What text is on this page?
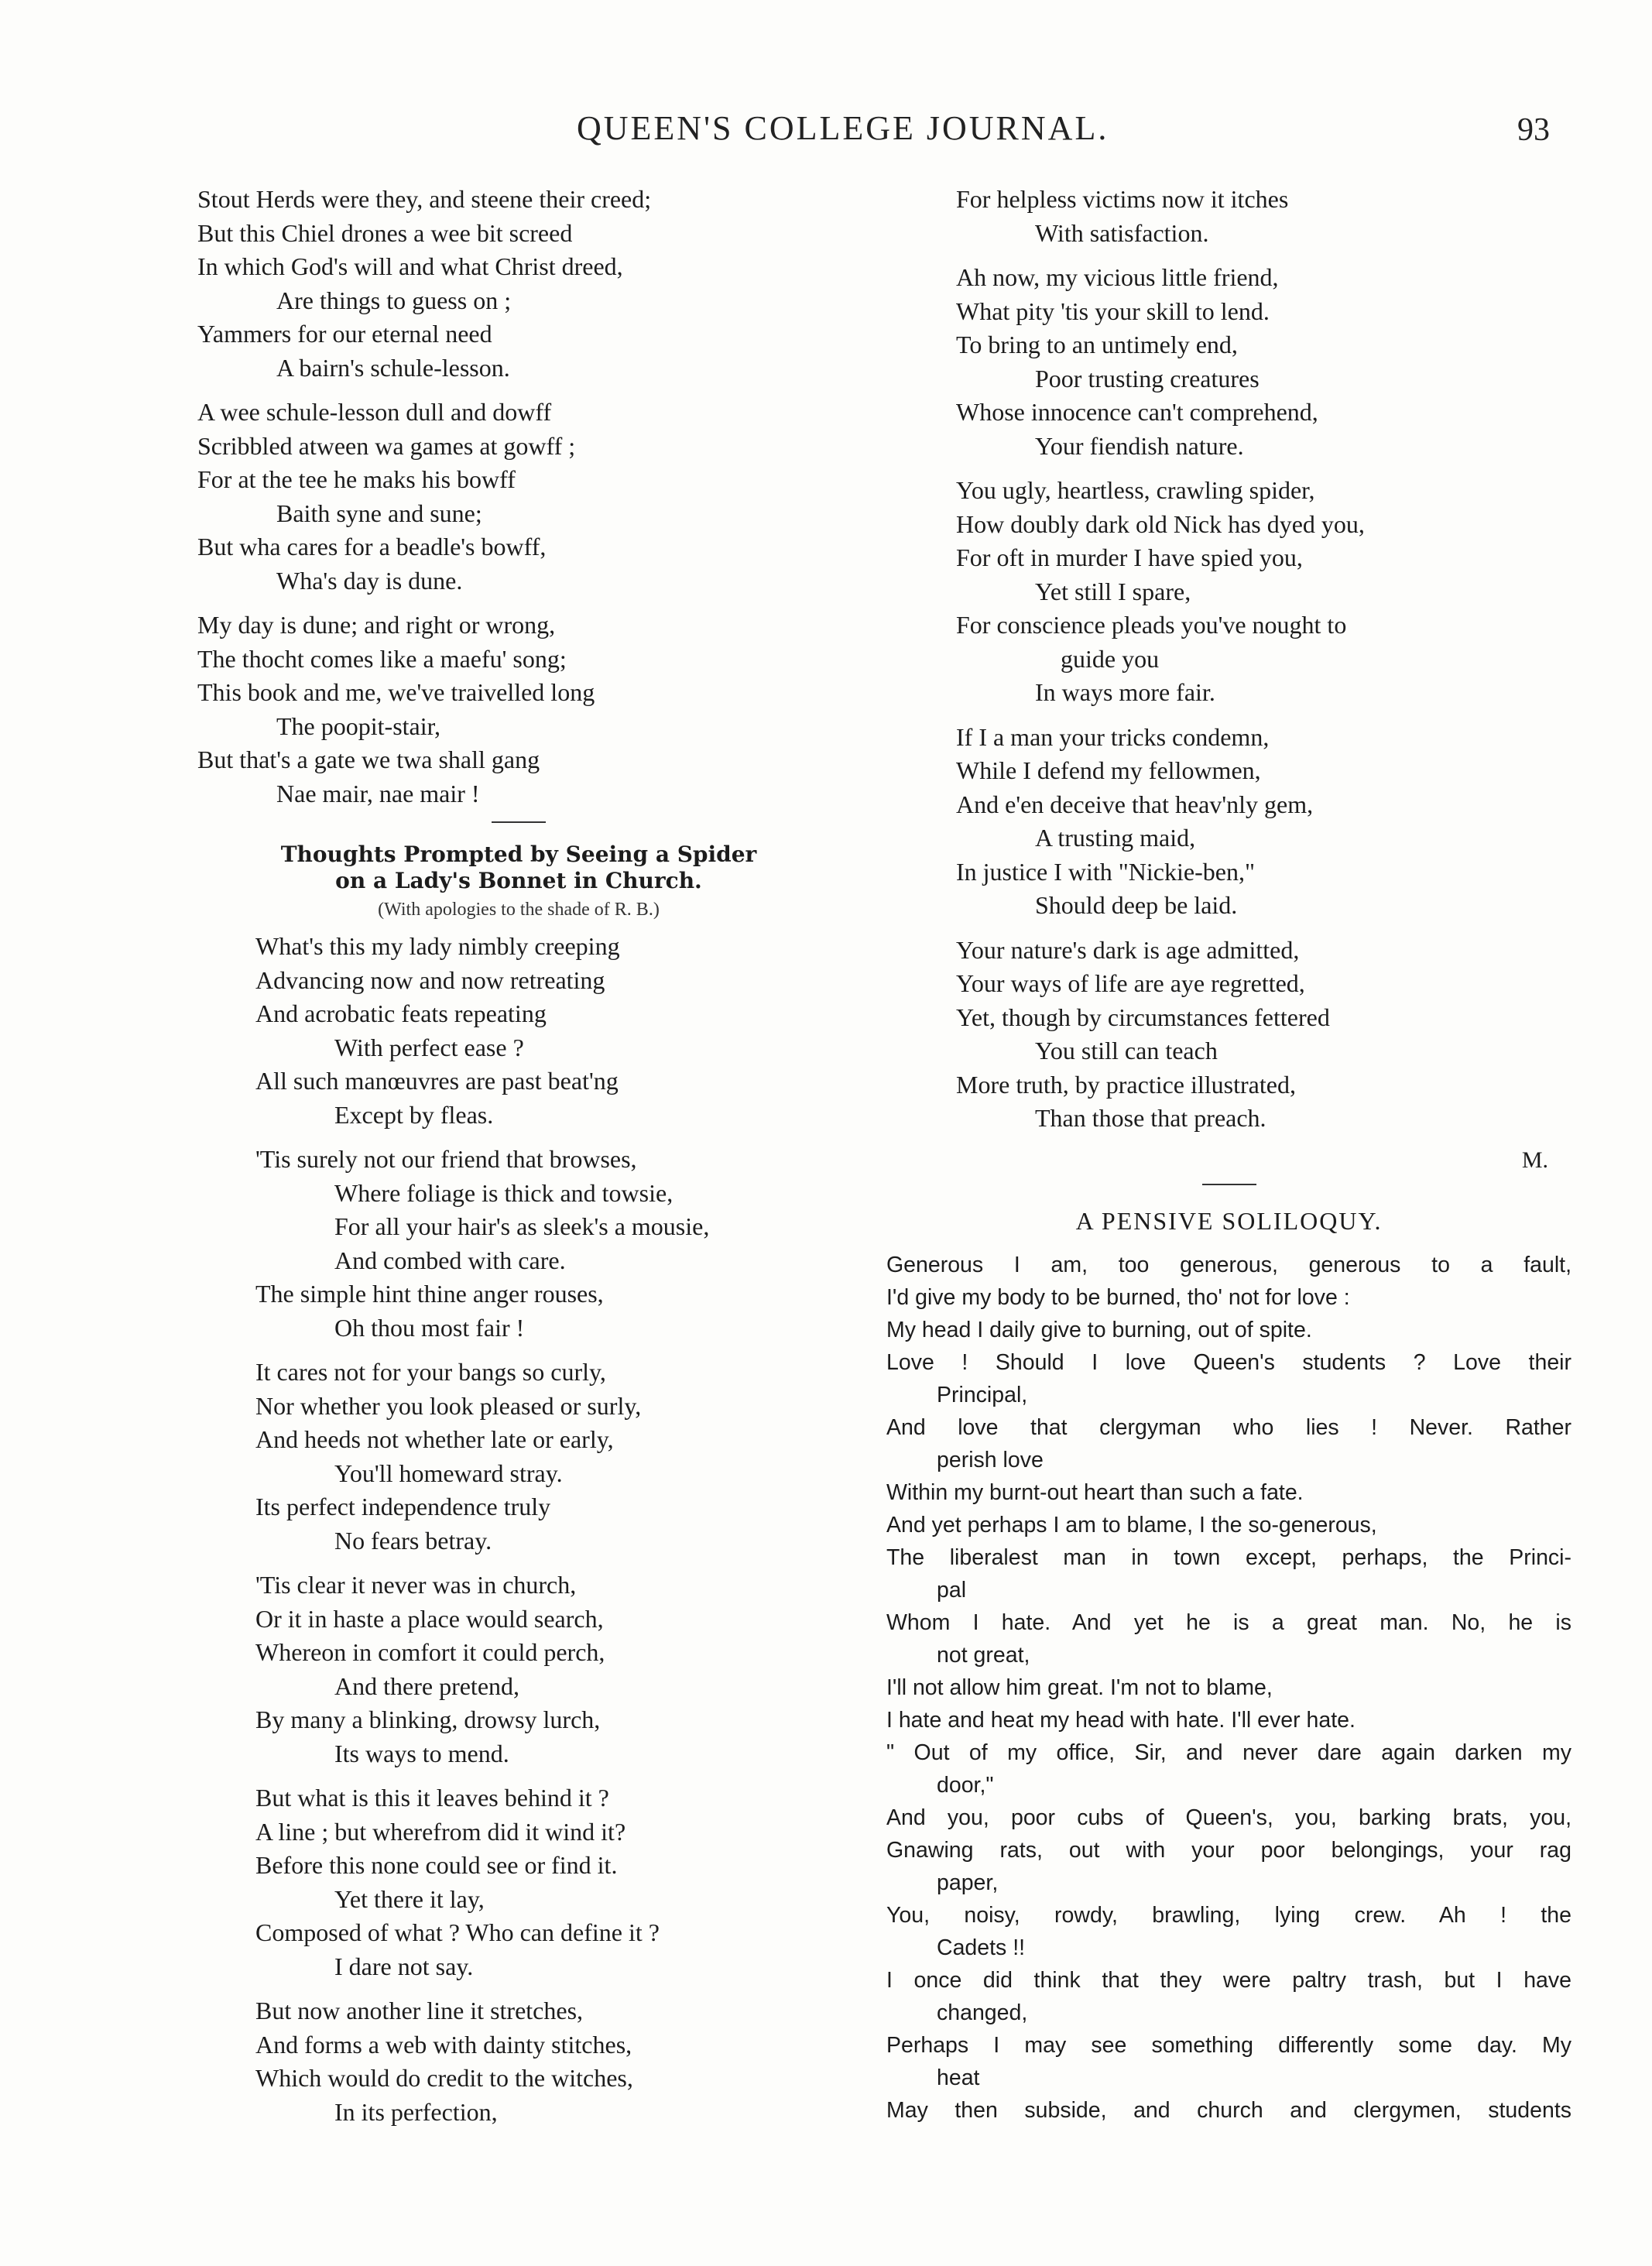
QUEEN'S COLLEGE JOURNAL.	93
Stout Herds were they, and steene their creed;
But this Chiel drones a wee bit screed
In which God's will and what Christ dreed,
Are things to guess on ;
Yammers for our eternal need
A bairn's schule-lesson.
A wee schule-lesson dull and dowff
Scribbled atween wa games at gowff ;
For at the tee he maks his bowff
Baith syne and sune;
But wha cares for a beadle's bowff,
Wha's day is dune.
My day is dune; and right or wrong,
The thocht comes like a maefu' song;
This book and me, we've traivelled long
The poopit-stair,
But that's a gate we twa shall gang
Nae mair, nae mair !
Thoughts Prompted by Seeing a Spider
on a Lady's Bonnet in Church.
(With apologies to the shade of R. B.)
What's this my lady nimbly creeping
Advancing now and now retreating
And acrobatic feats repeating
With perfect ease ?
All such manœuvres are past beat'ng
Except by fleas.
'Tis surely not our friend that browses,
Where foliage is thick and towsie,
For all your hair's as sleek's a mousie,
And combed with care.
The simple hint thine anger rouses,
Oh thou most fair !
It cares not for your bangs so curly,
Nor whether you look pleased or surly,
And heeds not whether late or early,
You'll homeward stray.
Its perfect independence truly
No fears betray.
'Tis clear it never was in church,
Or it in haste a place would search,
Whereon in comfort it could perch,
And there pretend,
By many a blinking, drowsy lurch,
Its ways to mend.
But what is this it leaves behind it ?
A line ; but wherefrom did it wind it?
Before this none could see or find it.
Yet there it lay,
Composed of what ? Who can define it ?
I dare not say.
But now another line it stretches,
And forms a web with dainty stitches,
Which would do credit to the witches,
In its perfection,
For helpless victims now it itches
With satisfaction.
Ah now, my vicious little friend,
What pity 'tis your skill to lend.
To bring to an untimely end,
Poor trusting creatures
Whose innocence can't comprehend,
Your fiendish nature.
You ugly, heartless, crawling spider,
How doubly dark old Nick has dyed you,
For oft in murder I have spied you,
Yet still I spare,
For conscience pleads you've nought to
guide you
In ways more fair.
If I a man your tricks condemn,
While I defend my fellowmen,
And e'en deceive that heav'nly gem,
A trusting maid,
In justice I with "Nickie-ben,"
Should deep be laid.
Your nature's dark is age admitted,
Your ways of life are aye regretted,
Yet, though by circumstances fettered
You still can teach
More truth, by practice illustrated,
Than those that preach.
M.
A PENSIVE SOLILOQUY.
Generous I am, too generous, generous to a fault,
I'd give my body to be burned, tho' not for love :
My head I daily give to burning, out of spite.
Love ! Should I love Queen's students ? Love their
Principal,
And love that clergyman who lies ! Never. Rather
perish love
Within my burnt-out heart than such a fate.
And yet perhaps I am to blame, I the so-generous,
The liberalest man in town except, perhaps, the Princi-
pal
Whom I hate. And yet he is a great man. No, he is
not great,
I'll not allow him great. I'm not to blame,
I hate and heat my head with hate. I'll ever hate.
" Out of my office, Sir, and never dare again darken my
door,"
And you, poor cubs of Queen's, you, barking brats, you,
Gnawing rats, out with your poor belongings, your rag
paper,
You, noisy, rowdy, brawling, lying crew. Ah ! the
Cadets !!
I once did think that they were paltry trash, but I have
changed,
Perhaps I may see something differently some day. My
heat
May then subside, and church and clergymen, students
